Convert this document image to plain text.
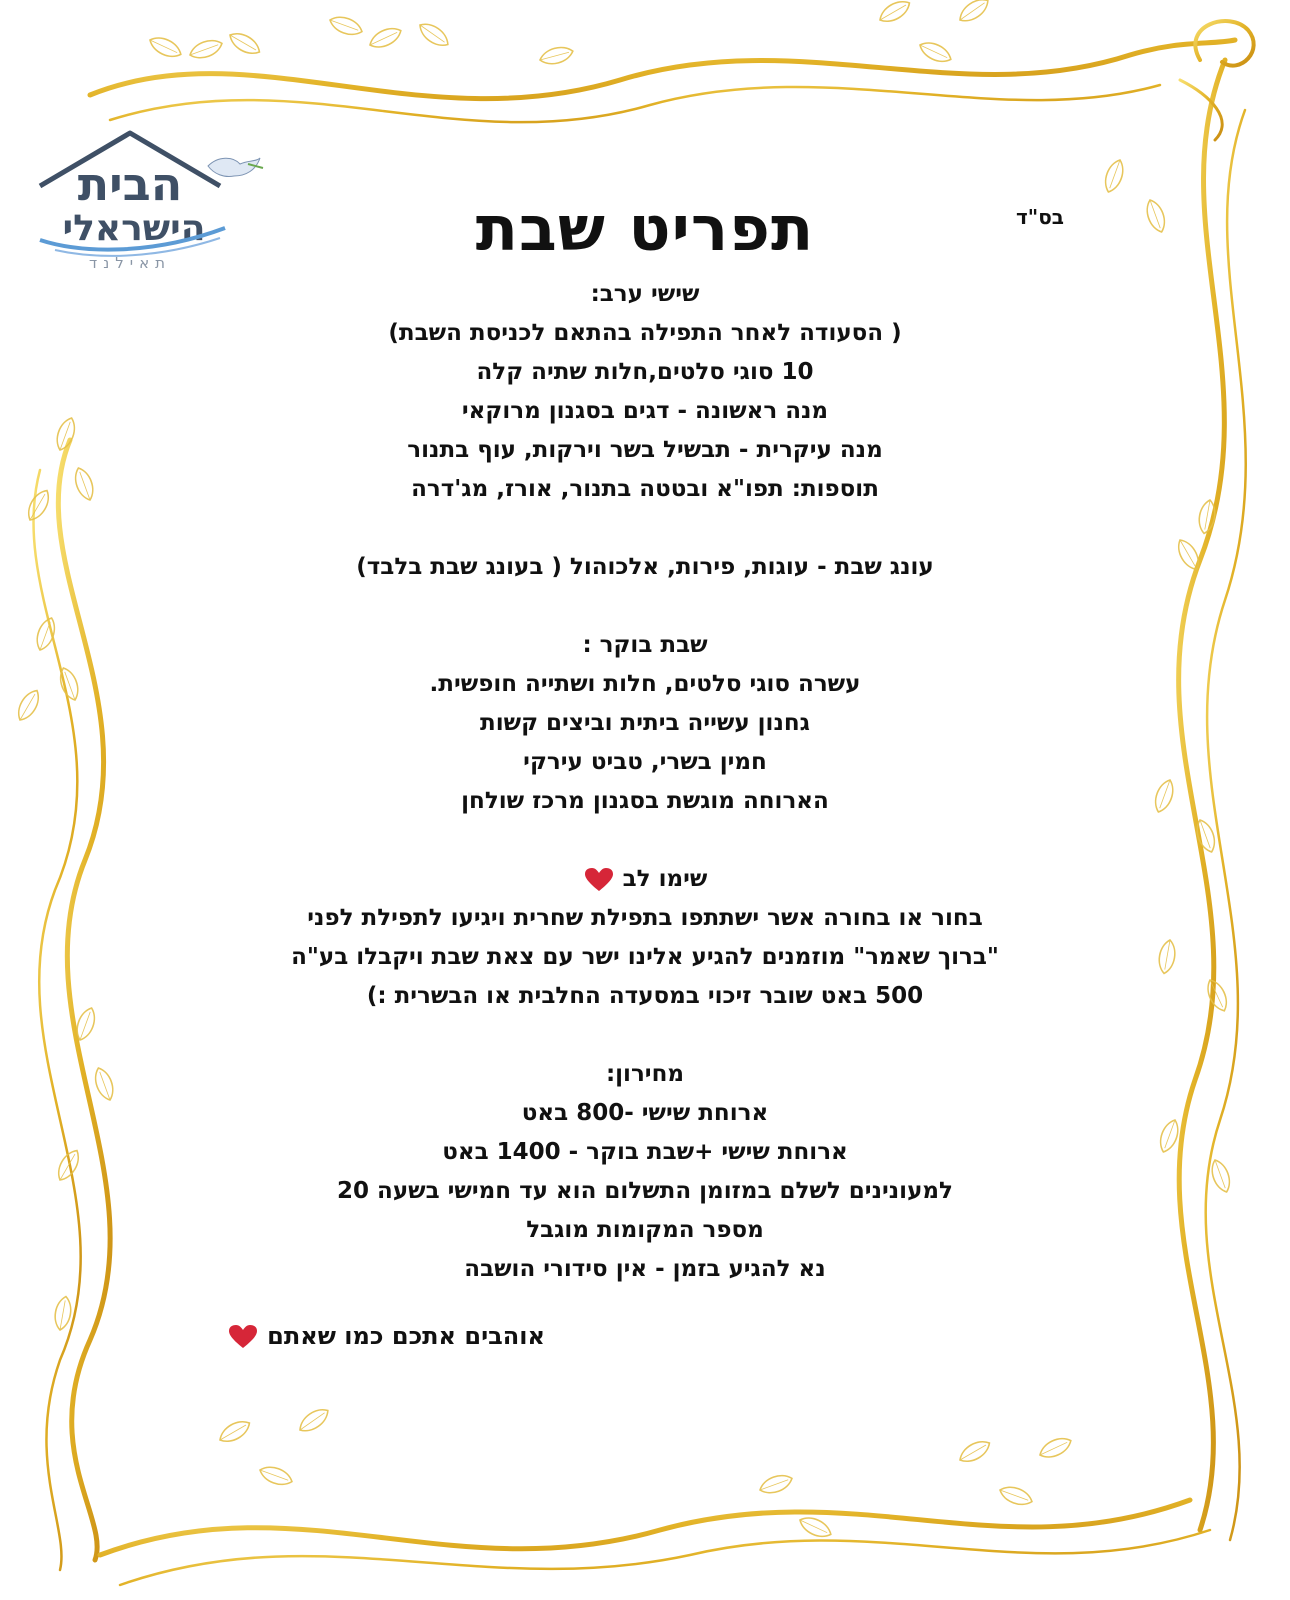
הבית
הישראלי
תאילנד
בס"ד
תפריט שבת
שישי ערב:
( הסעודה לאחר התפילה בהתאם לכניסת השבת)
10 סוגי סלטים,חלות שתיה קלה
מנה ראשונה - דגים בסגנון מרוקאי
מנה עיקרית - תבשיל בשר וירקות, עוף בתנור
תוספות: תפו"א ובטטה בתנור, אורז, מג'דרה
עונג שבת - עוגות, פירות, אלכוהול ( בעונג שבת בלבד)
שבת בוקר :
עשרה סוגי סלטים, חלות ושתייה חופשית.
גחנון עשייה ביתית וביצים קשות
חמין בשרי, טביט עירקי
הארוחה מוגשת בסגנון מרכז שולחן
שימו לב
בחור או בחורה אשר ישתתפו בתפילת שחרית ויגיעו לתפילת לפני
"ברוך שאמר" מוזמנים להגיע אלינו ישר עם צאת שבת ויקבלו בע"ה
500 באט שובר זיכוי במסעדה החלבית או הבשרית :)
מחירון:
ארוחת שישי -800 באט
ארוחת שישי +שבת בוקר - 1400 באט
למעונינים לשלם במזומן התשלום הוא עד חמישי בשעה 20
מספר המקומות מוגבל
נא להגיע בזמן - אין סידורי הושבה
אוהבים אתכם כמו שאתם
